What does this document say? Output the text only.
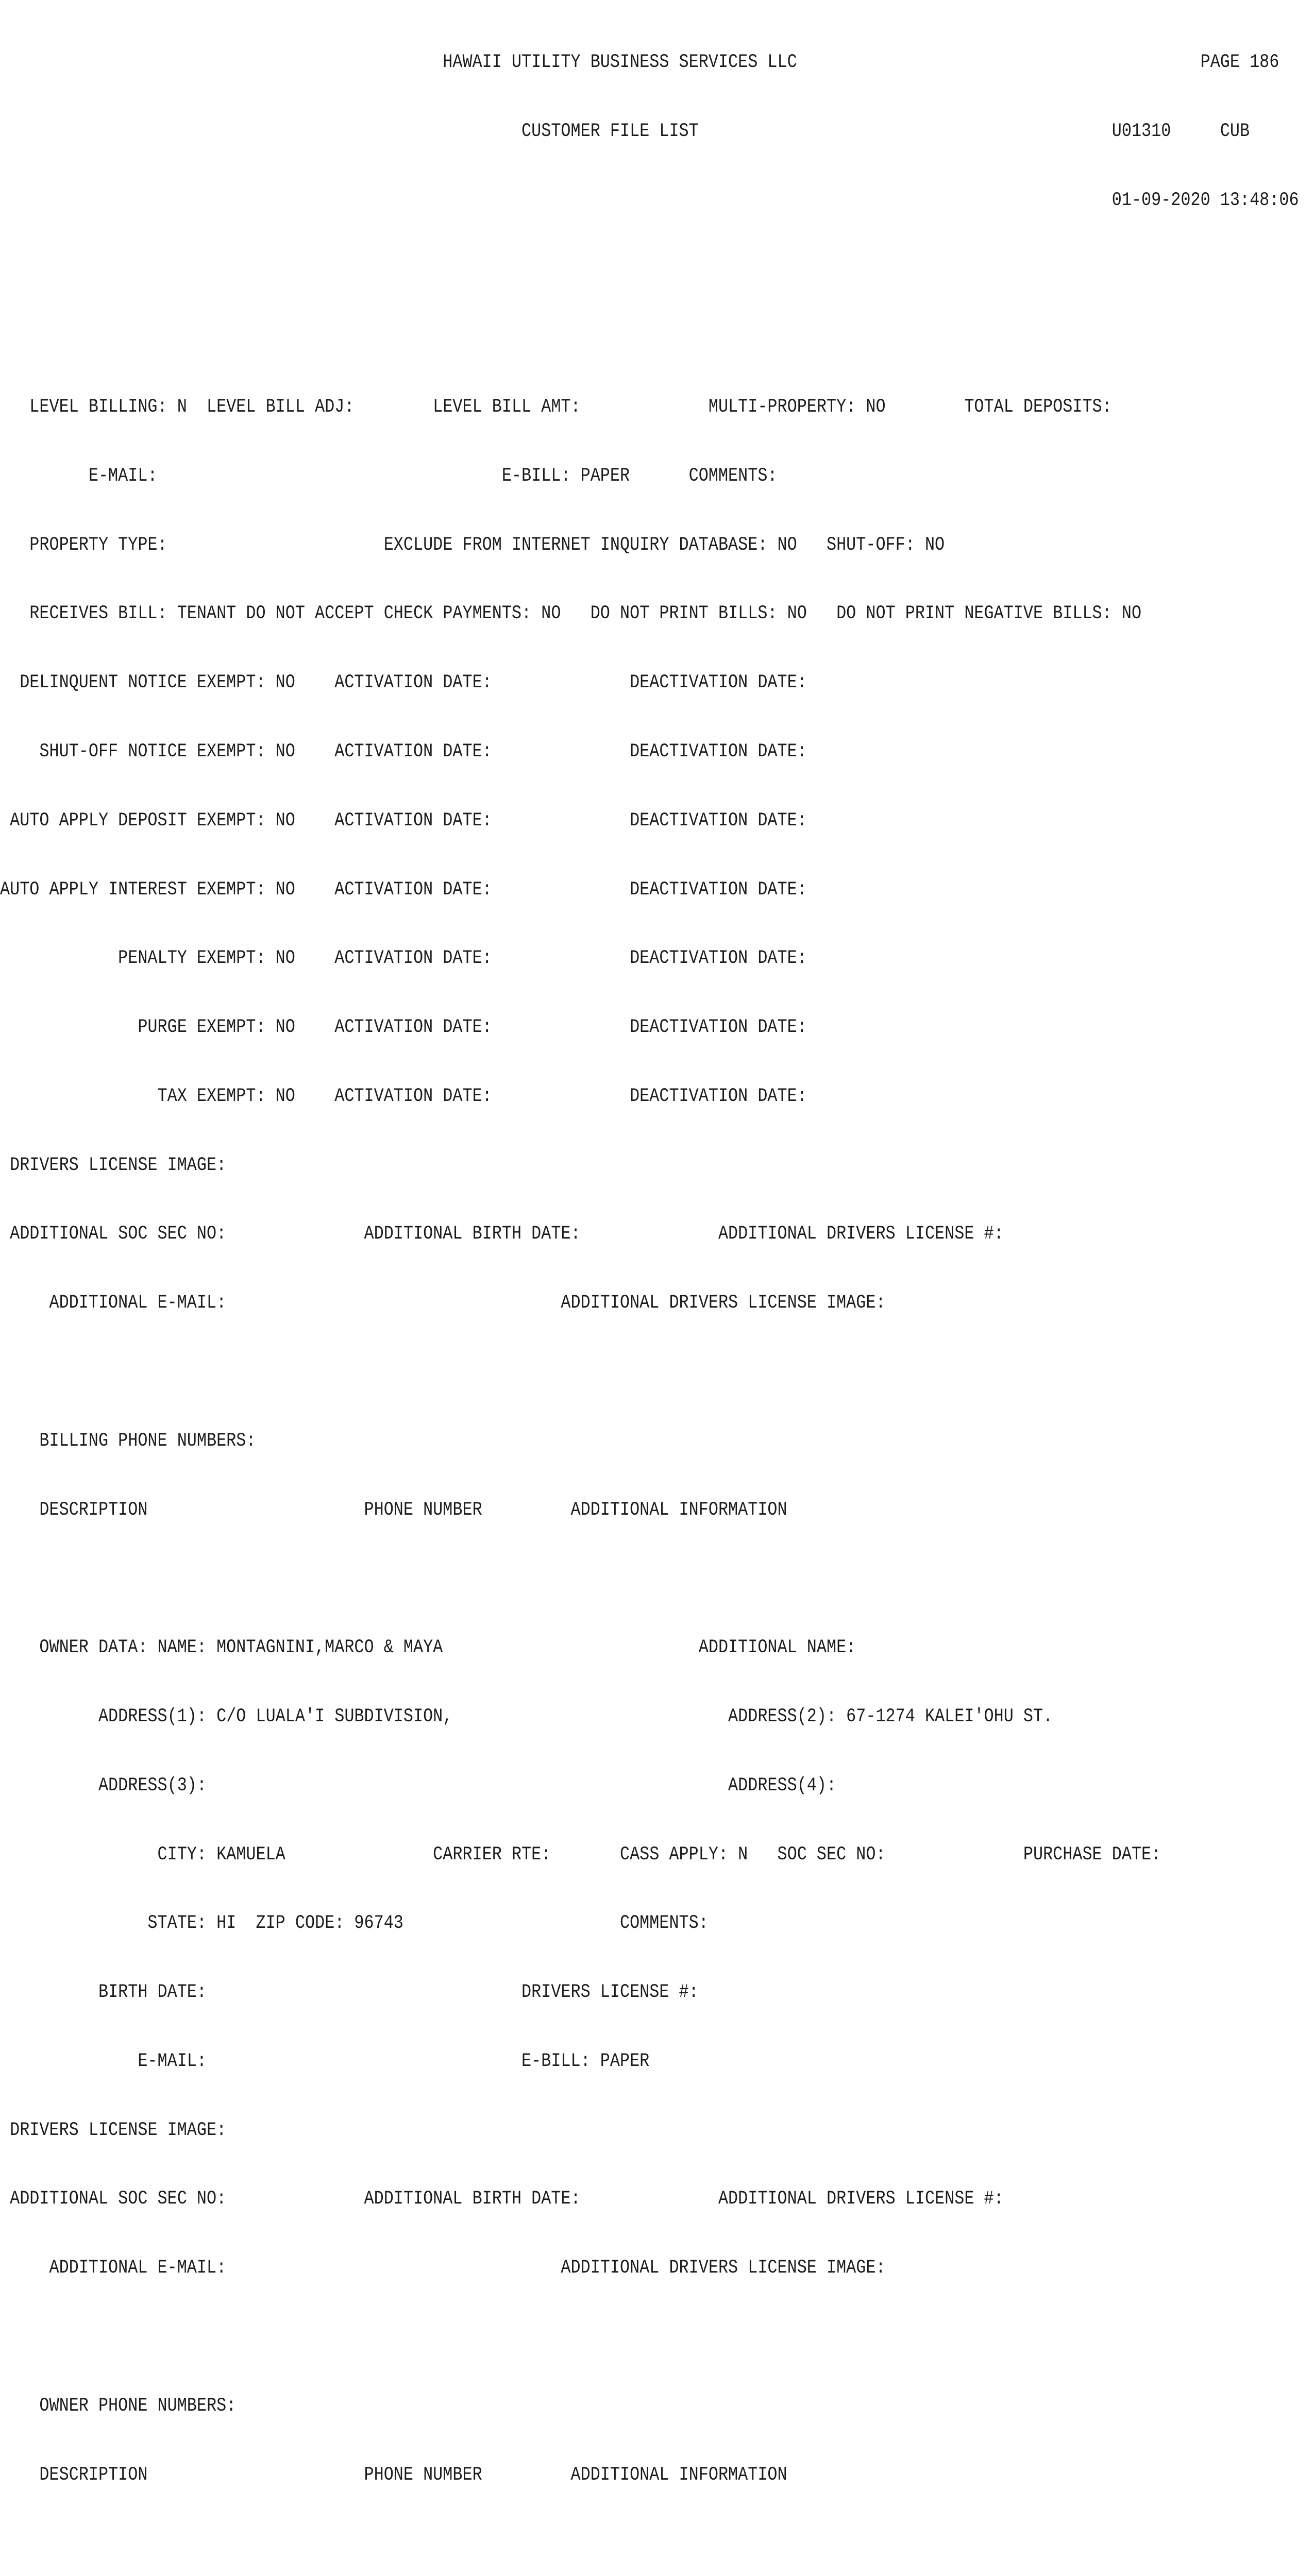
HAWAII UTILITY BUSINESS SERVICES LLC                                         PAGE 186

CUSTOMER FILE LIST                                          U01310     CUB

01-09-2020 13:48:06

LEVEL BILLING: N  LEVEL BILL ADJ:        LEVEL BILL AMT:             MULTI-PROPERTY: NO        TOTAL DEPOSITS:

E-MAIL:                                   E-BILL: PAPER      COMMENTS:

PROPERTY TYPE:                      EXCLUDE FROM INTERNET INQUIRY DATABASE: NO   SHUT-OFF: NO

RECEIVES BILL: TENANT DO NOT ACCEPT CHECK PAYMENTS: NO   DO NOT PRINT BILLS: NO   DO NOT PRINT NEGATIVE BILLS: NO

DELINQUENT NOTICE EXEMPT: NO    ACTIVATION DATE:              DEACTIVATION DATE:

SHUT-OFF NOTICE EXEMPT: NO    ACTIVATION DATE:              DEACTIVATION DATE:

AUTO APPLY DEPOSIT EXEMPT: NO    ACTIVATION DATE:              DEACTIVATION DATE:

AUTO APPLY INTEREST EXEMPT: NO    ACTIVATION DATE:              DEACTIVATION DATE:

PENALTY EXEMPT: NO    ACTIVATION DATE:              DEACTIVATION DATE:

PURGE EXEMPT: NO    ACTIVATION DATE:              DEACTIVATION DATE:

TAX EXEMPT: NO    ACTIVATION DATE:              DEACTIVATION DATE:

DRIVERS LICENSE IMAGE:

ADDITIONAL SOC SEC NO:              ADDITIONAL BIRTH DATE:              ADDITIONAL DRIVERS LICENSE #:

ADDITIONAL E-MAIL:                                  ADDITIONAL DRIVERS LICENSE IMAGE:

BILLING PHONE NUMBERS:

DESCRIPTION                      PHONE NUMBER         ADDITIONAL INFORMATION

OWNER DATA: NAME: MONTAGNINI,MARCO & MAYA                          ADDITIONAL NAME:

ADDRESS(1): C/O LUALA'I SUBDIVISION,                            ADDRESS(2): 67-1274 KALEI'OHU ST.

ADDRESS(3):                                                     ADDRESS(4):

CITY: KAMUELA               CARRIER RTE:       CASS APPLY: N   SOC SEC NO:              PURCHASE DATE:

STATE: HI  ZIP CODE: 96743                      COMMENTS:

BIRTH DATE:                                DRIVERS LICENSE #:

E-MAIL:                                E-BILL: PAPER

DRIVERS LICENSE IMAGE:

ADDITIONAL SOC SEC NO:              ADDITIONAL BIRTH DATE:              ADDITIONAL DRIVERS LICENSE #:

ADDITIONAL E-MAIL:                                  ADDITIONAL DRIVERS LICENSE IMAGE:

OWNER PHONE NUMBERS:

DESCRIPTION                      PHONE NUMBER         ADDITIONAL INFORMATION
